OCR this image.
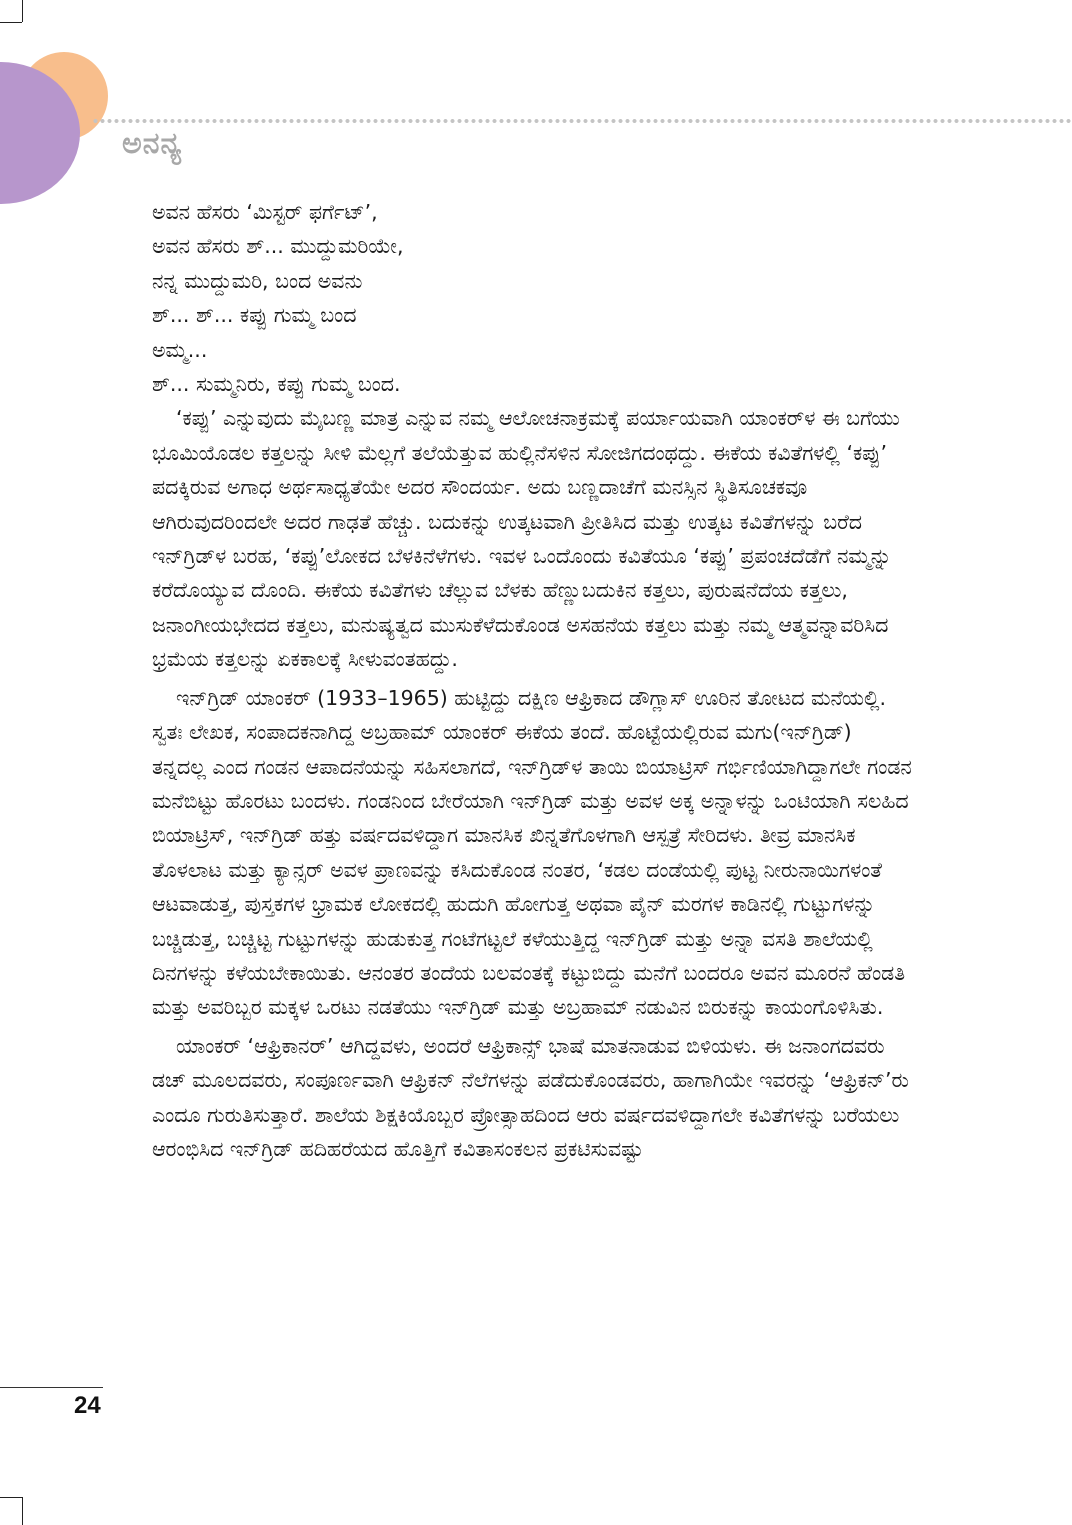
ಅನನ್ಯ
ಅವನ ಹೆಸರು ‘ಮಿಸ್ಟರ್ ಫರ್ಗೆಟ್’,
ಅವನ ಹೆಸರು ಶ್... ಮುದ್ದುಮರಿಯೇ,
ನನ್ನ ಮುದ್ದುಮರಿ, ಬಂದ ಅವನು
ಶ್... ಶ್... ಕಪ್ಪು ಗುಮ್ಮ ಬಂದ
ಅಮ್ಮ...
ಶ್... ಸುಮ್ಮನಿರು, ಕಪ್ಪು ಗುಮ್ಮ ಬಂದ.

‘ಕಪ್ಪು’ ಎನ್ನುವುದು ಮೈಬಣ್ಣ ಮಾತ್ರ ಎನ್ನುವ ನಮ್ಮ ಆಲೋಚನಾಕ್ರಮಕ್ಕೆ ಪರ್ಯಾಯವಾಗಿ ಯಾಂಕರ್‌ಳ ಈ ಬಗೆಯು ಭೂಮಿಯೊಡಲ ಕತ್ತಲನ್ನು ಸೀಳಿ ಮೆಲ್ಲಗೆ ತಲೆಯೆತ್ತುವ ಹುಲ್ಲಿನೆಸಳಿನ ಸೋಜಿಗದಂಥದ್ದು. ಈಕೆಯ ಕವಿತೆಗಳಲ್ಲಿ ‘ಕಪ್ಪು’ ಪದಕ್ಕಿರುವ ಅಗಾಧ ಅರ್ಥಸಾಧ್ಯತೆಯೇ ಅದರ ಸೌಂದರ್ಯ. ಅದು ಬಣ್ಣದಾಚೆಗೆ ಮನಸ್ಸಿನ ಸ್ಥಿತಿಸೂಚಕವೂ ಆಗಿರುವುದರಿಂದಲೇ ಅದರ ಗಾಢತೆ ಹೆಚ್ಚು. ಬದುಕನ್ನು ಉತ್ಕಟವಾಗಿ ಪ್ರೀತಿಸಿದ ಮತ್ತು ಉತ್ಕಟ ಕವಿತೆಗಳನ್ನು ಬರೆದ ಇನ್‌ಗ್ರಿಡ್‌ಳ ಬರಹ, ‘ಕಪ್ಪು’ಲೋಕದ ಬೆಳಕಿನೆಳೆಗಳು. ಇವಳ ಒಂದೊಂದು ಕವಿತೆಯೂ ‘ಕಪ್ಪು’ ಪ್ರಪಂಚದೆಡೆಗೆ ನಮ್ಮನ್ನು ಕರೆದೊಯ್ಯುವ ದೊಂದಿ. ಈಕೆಯ ಕವಿತೆಗಳು ಚೆಲ್ಲುವ ಬೆಳಕು ಹೆಣ್ಣುಬದುಕಿನ ಕತ್ತಲು, ಪುರುಷನೆದೆಯ ಕತ್ತಲು, ಜನಾಂಗೀಯಭೇದದ ಕತ್ತಲು, ಮನುಷ್ಯತ್ವದ ಮುಸುಕೆಳೆದುಕೊಂಡ ಅಸಹನೆಯ ಕತ್ತಲು ಮತ್ತು ನಮ್ಮ ಆತ್ಮವನ್ನಾವರಿಸಿದ ಭ್ರಮೆಯ ಕತ್ತಲನ್ನು ಏಕಕಾಲಕ್ಕೆ ಸೀಳುವಂತಹದ್ದು.

ಇನ್‌ಗ್ರಿಡ್ ಯಾಂಕರ್ (1933–1965) ಹುಟ್ಟಿದ್ದು ದಕ್ಷಿಣ ಆಫ್ರಿಕಾದ ಡೌಗ್ಲಾಸ್ ಊರಿನ ತೋಟದ ಮನೆಯಲ್ಲಿ. ಸ್ವತಃ ಲೇಖಕ, ಸಂಪಾದಕನಾಗಿದ್ದ ಅಬ್ರಹಾಮ್ ಯಾಂಕರ್ ಈಕೆಯ ತಂದೆ. ಹೊಟ್ಟೆಯಲ್ಲಿರುವ ಮಗು(ಇನ್‌ಗ್ರಿಡ್) ತನ್ನದಲ್ಲ ಎಂದ ಗಂಡನ ಆಪಾದನೆಯನ್ನು ಸಹಿಸಲಾಗದೆ, ಇನ್‌ಗ್ರಿಡ್‌ಳ ತಾಯಿ ಬಿಯಾಟ್ರಿಸ್ ಗರ್ಭಿಣಿಯಾಗಿದ್ದಾಗಲೇ ಗಂಡನ ಮನೆಬಿಟ್ಟು ಹೊರಟು ಬಂದಳು. ಗಂಡನಿಂದ ಬೇರೆಯಾಗಿ ಇನ್‌ಗ್ರಿಡ್ ಮತ್ತು ಅವಳ ಅಕ್ಕ ಅನ್ನಾಳನ್ನು ಒಂಟಿಯಾಗಿ ಸಲಹಿದ ಬಿಯಾಟ್ರಿಸ್, ಇನ್‌ಗ್ರಿಡ್ ಹತ್ತು ವರ್ಷದವಳಿದ್ದಾಗ ಮಾನಸಿಕ ಖಿನ್ನತೆಗೊಳಗಾಗಿ ಆಸ್ಪತ್ರೆ ಸೇರಿದಳು. ತೀವ್ರ ಮಾನಸಿಕ ತೊಳಲಾಟ ಮತ್ತು ಕ್ಯಾನ್ಸರ್ ಅವಳ ಪ್ರಾಣವನ್ನು ಕಸಿದುಕೊಂಡ ನಂತರ, ‘ಕಡಲ ದಂಡೆಯಲ್ಲಿ ಪುಟ್ಟ ನೀರುನಾಯಿಗಳಂತೆ ಆಟವಾಡುತ್ತ, ಪುಸ್ತಕಗಳ ಭ್ರಾಮಕ ಲೋಕದಲ್ಲಿ ಹುದುಗಿ ಹೋಗುತ್ತ ಅಥವಾ ಪೈನ್ ಮರಗಳ ಕಾಡಿನಲ್ಲಿ ಗುಟ್ಟುಗಳನ್ನು ಬಚ್ಚಿಡುತ್ತ, ಬಚ್ಚಿಟ್ಟ ಗುಟ್ಟುಗಳನ್ನು ಹುಡುಕುತ್ತ ಗಂಟೆಗಟ್ಟಲೆ ಕಳೆಯುತ್ತಿದ್ದ ಇನ್‌ಗ್ರಿಡ್ ಮತ್ತು ಅನ್ನಾ ವಸತಿ ಶಾಲೆಯಲ್ಲಿ ದಿನಗಳನ್ನು ಕಳೆಯಬೇಕಾಯಿತು. ಆನಂತರ ತಂದೆಯ ಬಲವಂತಕ್ಕೆ ಕಟ್ಟುಬಿದ್ದು ಮನೆಗೆ ಬಂದರೂ ಅವನ ಮೂರನೆ ಹೆಂಡತಿ ಮತ್ತು ಅವರಿಬ್ಬರ ಮಕ್ಕಳ ಒರಟು ನಡತೆಯು ಇನ್‌ಗ್ರಿಡ್ ಮತ್ತು ಅಬ್ರಹಾಮ್ ನಡುವಿನ ಬಿರುಕನ್ನು ಕಾಯಂಗೊಳಿಸಿತು.

ಯಾಂಕರ್ ‘ಆಫ್ರಿಕಾನರ್’ ಆಗಿದ್ದವಳು, ಅಂದರೆ ಆಫ್ರಿಕಾನ್ಸ್ ಭಾಷೆ ಮಾತನಾಡುವ ಬಿಳಿಯಳು. ಈ ಜನಾಂಗದವರು ಡಚ್ ಮೂಲದವರು, ಸಂಪೂರ್ಣವಾಗಿ ಆಫ್ರಿಕನ್ ನೆಲೆಗಳನ್ನು ಪಡೆದುಕೊಂಡವರು, ಹಾಗಾಗಿಯೇ ಇವರನ್ನು ‘ಆಫ್ರಿಕನ್’ರು ಎಂದೂ ಗುರುತಿಸುತ್ತಾರೆ. ಶಾಲೆಯ ಶಿಕ್ಷಕಿಯೊಬ್ಬರ ಪ್ರೋತ್ಸಾಹದಿಂದ ಆರು ವರ್ಷದವಳಿದ್ದಾಗಲೇ ಕವಿತೆಗಳನ್ನು ಬರೆಯಲು ಆರಂಭಿಸಿದ ಇನ್‌ಗ್ರಿಡ್ ಹದಿಹರೆಯದ ಹೊತ್ತಿಗೆ ಕವಿತಾಸಂಕಲನ ಪ್ರಕಟಿಸುವಷ್ಟು

24
